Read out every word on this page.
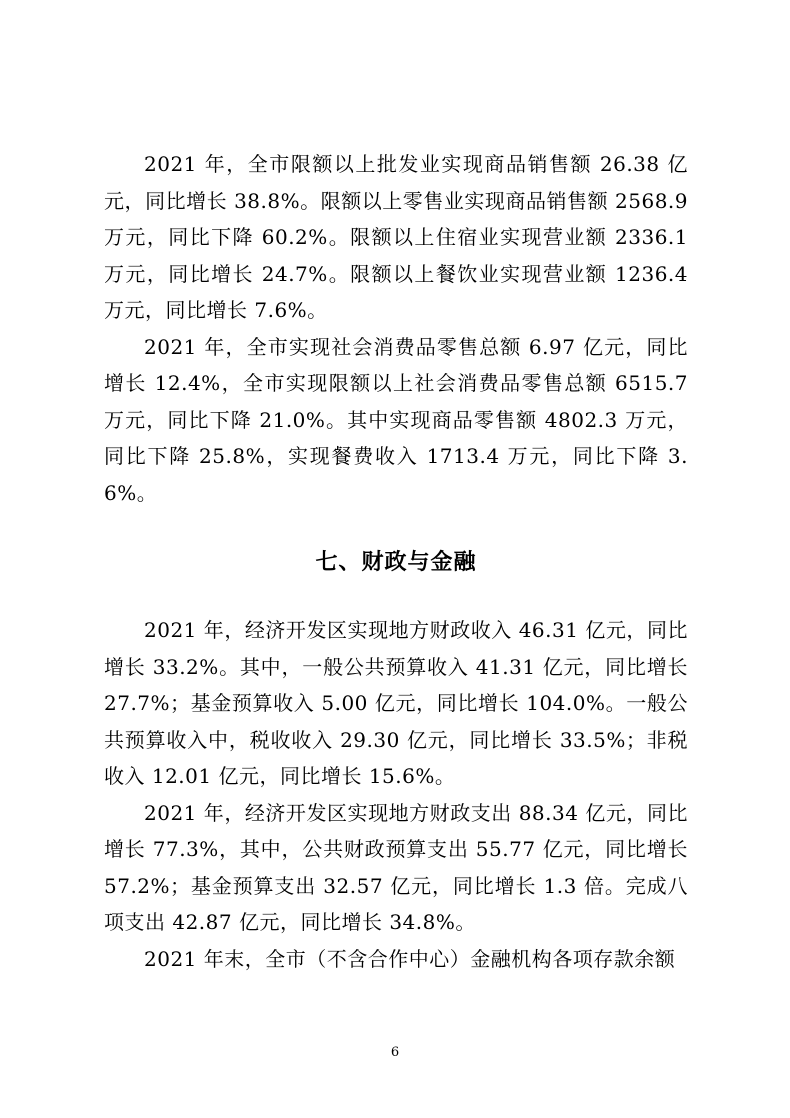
2021 年，全市限额以上批发业实现商品销售额 26.38 亿元，同比增长 38.8%。限额以上零售业实现商品销售额 2568.9 万元，同比下降 60.2%。限额以上住宿业实现营业额 2336.1 万元，同比增长 24.7%。限额以上餐饮业实现营业额 1236.4 万元，同比增长 7.6%。

2021 年，全市实现社会消费品零售总额 6.97 亿元，同比增长 12.4%，全市实现限额以上社会消费品零售总额 6515.7 万元，同比下降 21.0%。其中实现商品零售额 4802.3 万元，同比下降 25.8%，实现餐费收入 1713.4 万元，同比下降 3.6%。

七、财政与金融

2021 年，经济开发区实现地方财政收入 46.31 亿元，同比增长 33.2%。其中，一般公共预算收入 41.31 亿元，同比增长 27.7%；基金预算收入 5.00 亿元，同比增长 104.0%。一般公共预算收入中，税收收入 29.30 亿元，同比增长 33.5%；非税收入 12.01 亿元，同比增长 15.6%。

2021 年，经济开发区实现地方财政支出 88.34 亿元，同比增长 77.3%，其中，公共财政预算支出 55.77 亿元，同比增长 57.2%；基金预算支出 32.57 亿元，同比增长 1.3 倍。完成八项支出 42.87 亿元，同比增长 34.8%。

2021 年末，全市（不含合作中心）金融机构各项存款余额

6
